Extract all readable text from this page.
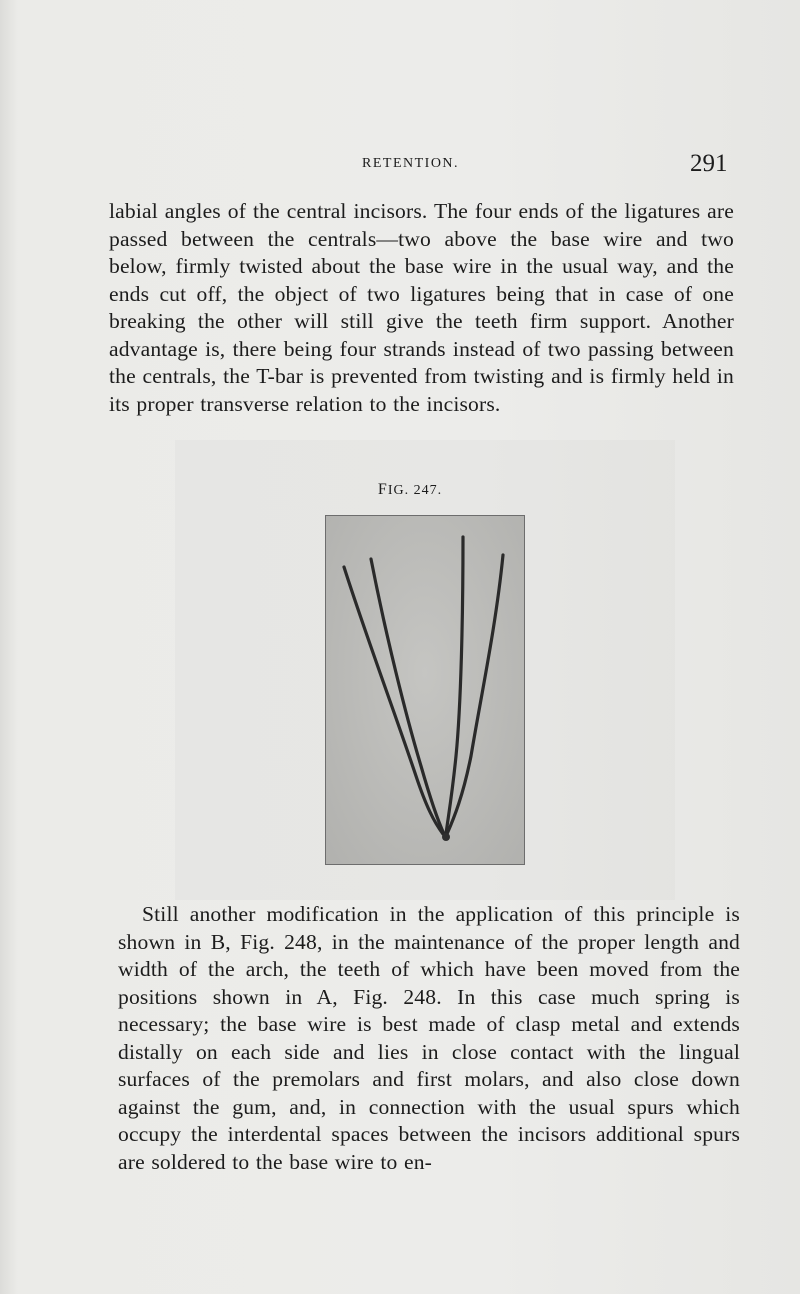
RETENTION.	291

labial angles of the central incisors. The four ends of the ligatures are passed between the centrals—two above the base wire and two below, firmly twisted about the base wire in the usual way, and the ends cut off, the object of two ligatures being that in case of one breaking the other will still give the teeth firm support. Another advantage is, there being four strands instead of two passing between the centrals, the T-bar is prevented from twisting and is firmly held in its proper transverse relation to the incisors.

FIG. 247.

Still another modification in the application of this principle is shown in B, Fig. 248, in the maintenance of the proper length and width of the arch, the teeth of which have been moved from the positions shown in A, Fig. 248. In this case much spring is necessary; the base wire is best made of clasp metal and extends distally on each side and lies in close contact with the lingual surfaces of the premolars and first molars, and also close down against the gum, and, in connection with the usual spurs which occupy the interdental spaces between the incisors additional spurs are soldered to the base wire to en-
